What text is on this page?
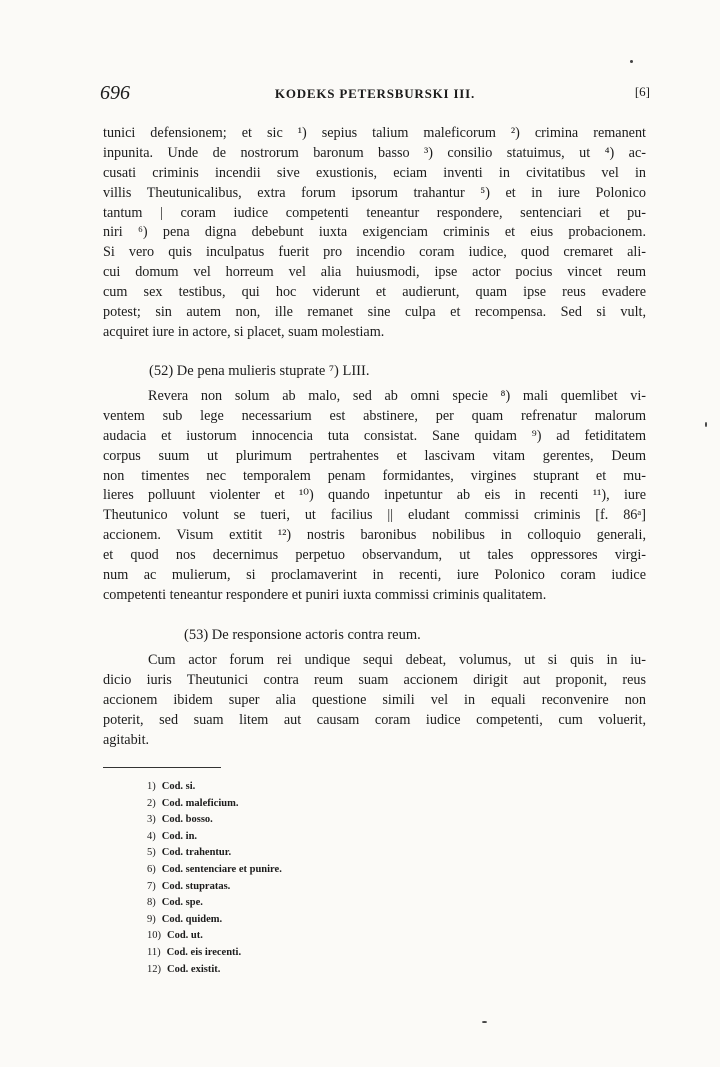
696	KODEKS PETERSBURSKI III.	[6]
tunici defensionem; et sic ¹) sepius talium maleficorum ²) crimina remanent
inpunita. Unde de nostrorum baronum basso ³) consilio statuimus, ut ⁴) ac-
cusati criminis incendii sive exustionis, eciam inventi in civitatibus vel in
villis Theutunicalibus, extra forum ipsorum trahantur ⁵) et in iure Polonico
tantum | coram iudice competenti teneantur respondere, sentenciari et pu-
niri ⁶) pena digna debebunt iuxta exigenciam criminis et eius probacionem.
Si vero quis inculpatus fuerit pro incendio coram iudice, quod cremaret ali-
cui domum vel horreum vel alia huiusmodi, ipse actor pocius vincet reum
cum sex testibus, qui hoc viderunt et audierunt, quam ipse reus evadere
potest; sin autem non, ille remanet sine culpa et recompensa. Sed si vult,
acquiret iure in actore, si placet, suam molestiam.
(52) De pena mulieris stuprate ⁷) LIII.
Revera non solum ab malo, sed ab omni specie ⁸) mali quemlibet vi-
ventem sub lege necessarium est abstinere, per quam refrenatur malorum
audacia et iustorum innocencia tuta consistat. Sane quidam ⁹) ad fetiditatem
corpus suum ut plurimum pertrahentes et lascivam vitam gerentes, Deum
non timentes nec temporalem penam formidantes, virgines stuprant et mu-
lieres polluunt violenter et ¹⁰) quando inpetuntur ab eis in recenti ¹¹), iure
Theutunico volunt se tueri, ut facilius || eludant commissi criminis [f. 86ᵃ]
accionem. Visum extitit ¹²) nostris baronibus nobilibus in colloquio generali,
et quod nos decernimus perpetuo observandum, ut tales oppressores virgi-
num ac mulierum, si proclamaverint in recenti, iure Polonico coram iudice
competenti teneantur respondere et puniri iuxta commissi criminis qualitatem.
(53) De responsione actoris contra reum.
Cum actor forum rei undique sequi debeat, volumus, ut si quis in iu-
dicio iuris Theutunici contra reum suam accionem dirigit aut proponit, reus
accionem ibidem super alia questione simili vel in equali reconvenire non
poterit, sed suam litem aut causam coram iudice competenti, cum voluerit,
agitabit.
1) Cod. si.
2) Cod. maleficium.
3) Cod. bosso.
4) Cod. in.
5) Cod. trahentur.
6) Cod. sentenciare et punire.
7) Cod. stupratas.
8) Cod. spe.
9) Cod. quidem.
10) Cod. ut.
11) Cod. eis irecenti.
12) Cod. existit.
